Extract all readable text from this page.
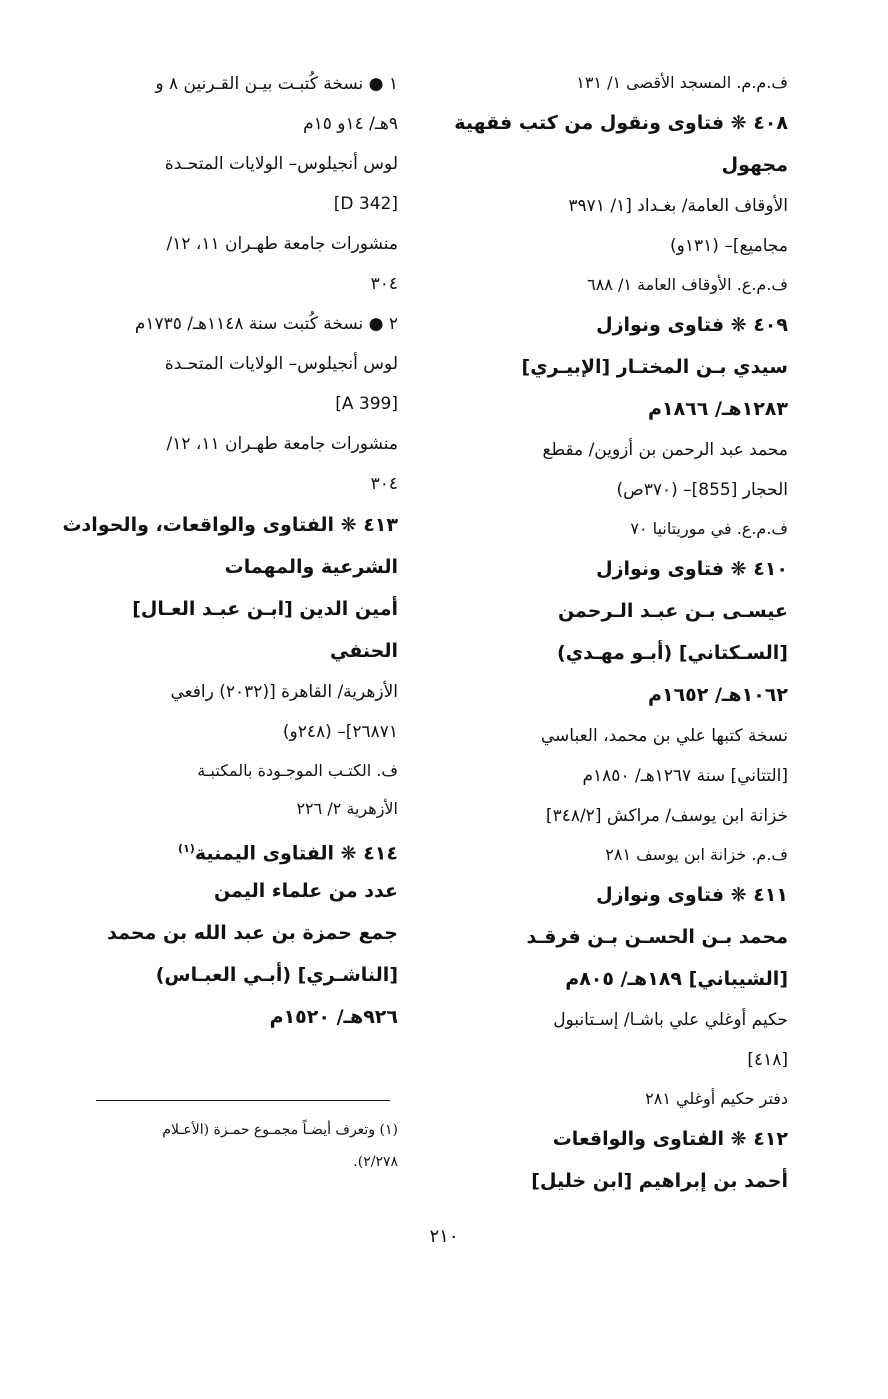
ف.م.م. المسجد الأقصى ١/ ١٣١
٤٠٨ ❋ فتاوى ونقول من كتب فقهية
مجهول
الأوقاف العامة/ بغـداد [١/ ٣٩٧١
مجاميع]– (١٣١و)
ف.م.ع. الأوقاف العامة ١/ ٦٨٨
٤٠٩ ❋ فتاوى ونوازل
سيدي بـن المختـار [الإبيـري]
١٢٨٣هـ/ ١٨٦٦م
محمد عبد الرحمن بن أزوين/ مقطع
الحجار [855]– (٣٧٠ص)
ف.م.ع. في موريتانيا ٧٠
٤١٠ ❋ فتاوى ونوازل
عيسـى بـن عبـد الـرحمن
[السـكتاني] (أبـو مهـدي)
١٠٦٢هـ/ ١٦٥٢م
نسخة كتبها علي بن محمد، العباسي
[التتاني] سنة ١٢٦٧هـ/ ١٨٥٠م
خزانة ابن يوسف/ مراكش [٣٤٨/٢]
ف.م. خزانة ابن يوسف ٢٨١
٤١١ ❋ فتاوى ونوازل
محمد بـن الحسـن بـن فرقـد
[الشيباني] ١٨٩هـ/ ٨٠٥م
حكيم أوغلي علي باشـا/ إسـتانبول
[٤١٨]
دفتر حكيم أوغلي ٢٨١
٤١٢ ❋ الفتاوى والواقعات
أحمد بن إبراهيم [ابن خليل]
١ ● نسخة كُتبـت بيـن القـرنين ٨ و
٩هـ/ ١٤و ١٥م
لوس أنجيلوس– الولايات المتحـدة
[D 342]
منشورات جامعة طهـران ١١، ١٢/
٣٠٤
٢ ● نسخة كُتبت سنة ١١٤٨هـ/ ١٧٣٥م
لوس أنجيلوس– الولايات المتحـدة
[A 399]
منشورات جامعة طهـران ١١، ١٢/
٣٠٤
٤١٣ ❋ الفتاوى والواقعات، والحوادث
الشرعية والمهمات
أمين الدين [ابـن عبـد العـال]
الحنفي
الأزهرية/ القاهرة [(٢٠٣٢) رافعي
٢٦٨٧١]– (٢٤٨و)
ف. الكتـب الموجـودة بالمكتبـة
الأزهرية ٢/ ٢٢٦
٤١٤ ❋ الفتاوى اليمنية$^{(١)}$
عدد من علماء اليمن
جمع حمزة بن عبد الله بن محمد
[الناشـري] (أبـي العبـاس)
٩٢٦هـ/ ١٥٢٠م
(١) وتعرف أيضـاً مجمـوع حمـزة (الأعـلام
٢/٢٧٨).
٢١٠
